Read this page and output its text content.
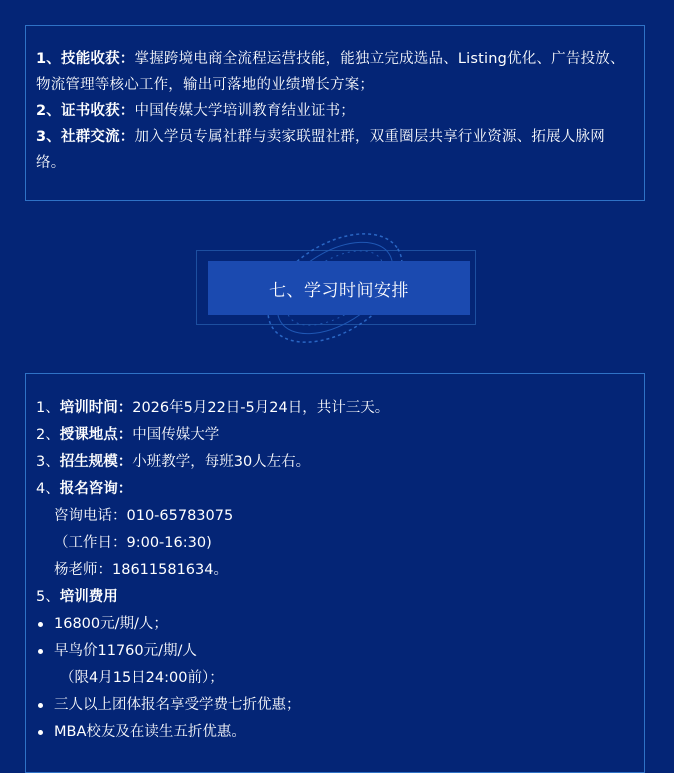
1、技能收获：掌握跨境电商全流程运营技能，能独立完成选品、Listing优化、广告投放、物流管理等核心工作，输出可落地的业绩增长方案；

2、证书收获：中国传媒大学培训教育结业证书；

3、社群交流：加入学员专属社群与卖家联盟社群，双重圈层共享行业资源、拓展人脉网络。

七、学习时间安排
1、培训时间：2026年5月22日-5月24日，共计三天。
2、授课地点：中国传媒大学
3、招生规模：小班教学，每班30人左右。
4、报名咨询：
咨询电话：010-65783075
（工作日：9:00-16:30)
杨老师：18611581634。
5、培训费用
16800元/期/人；
早鸟价11760元/期/人
（限4月15日24:00前）；
三人以上团体报名享受学费七折优惠；
MBA校友及在读生五折优惠。
